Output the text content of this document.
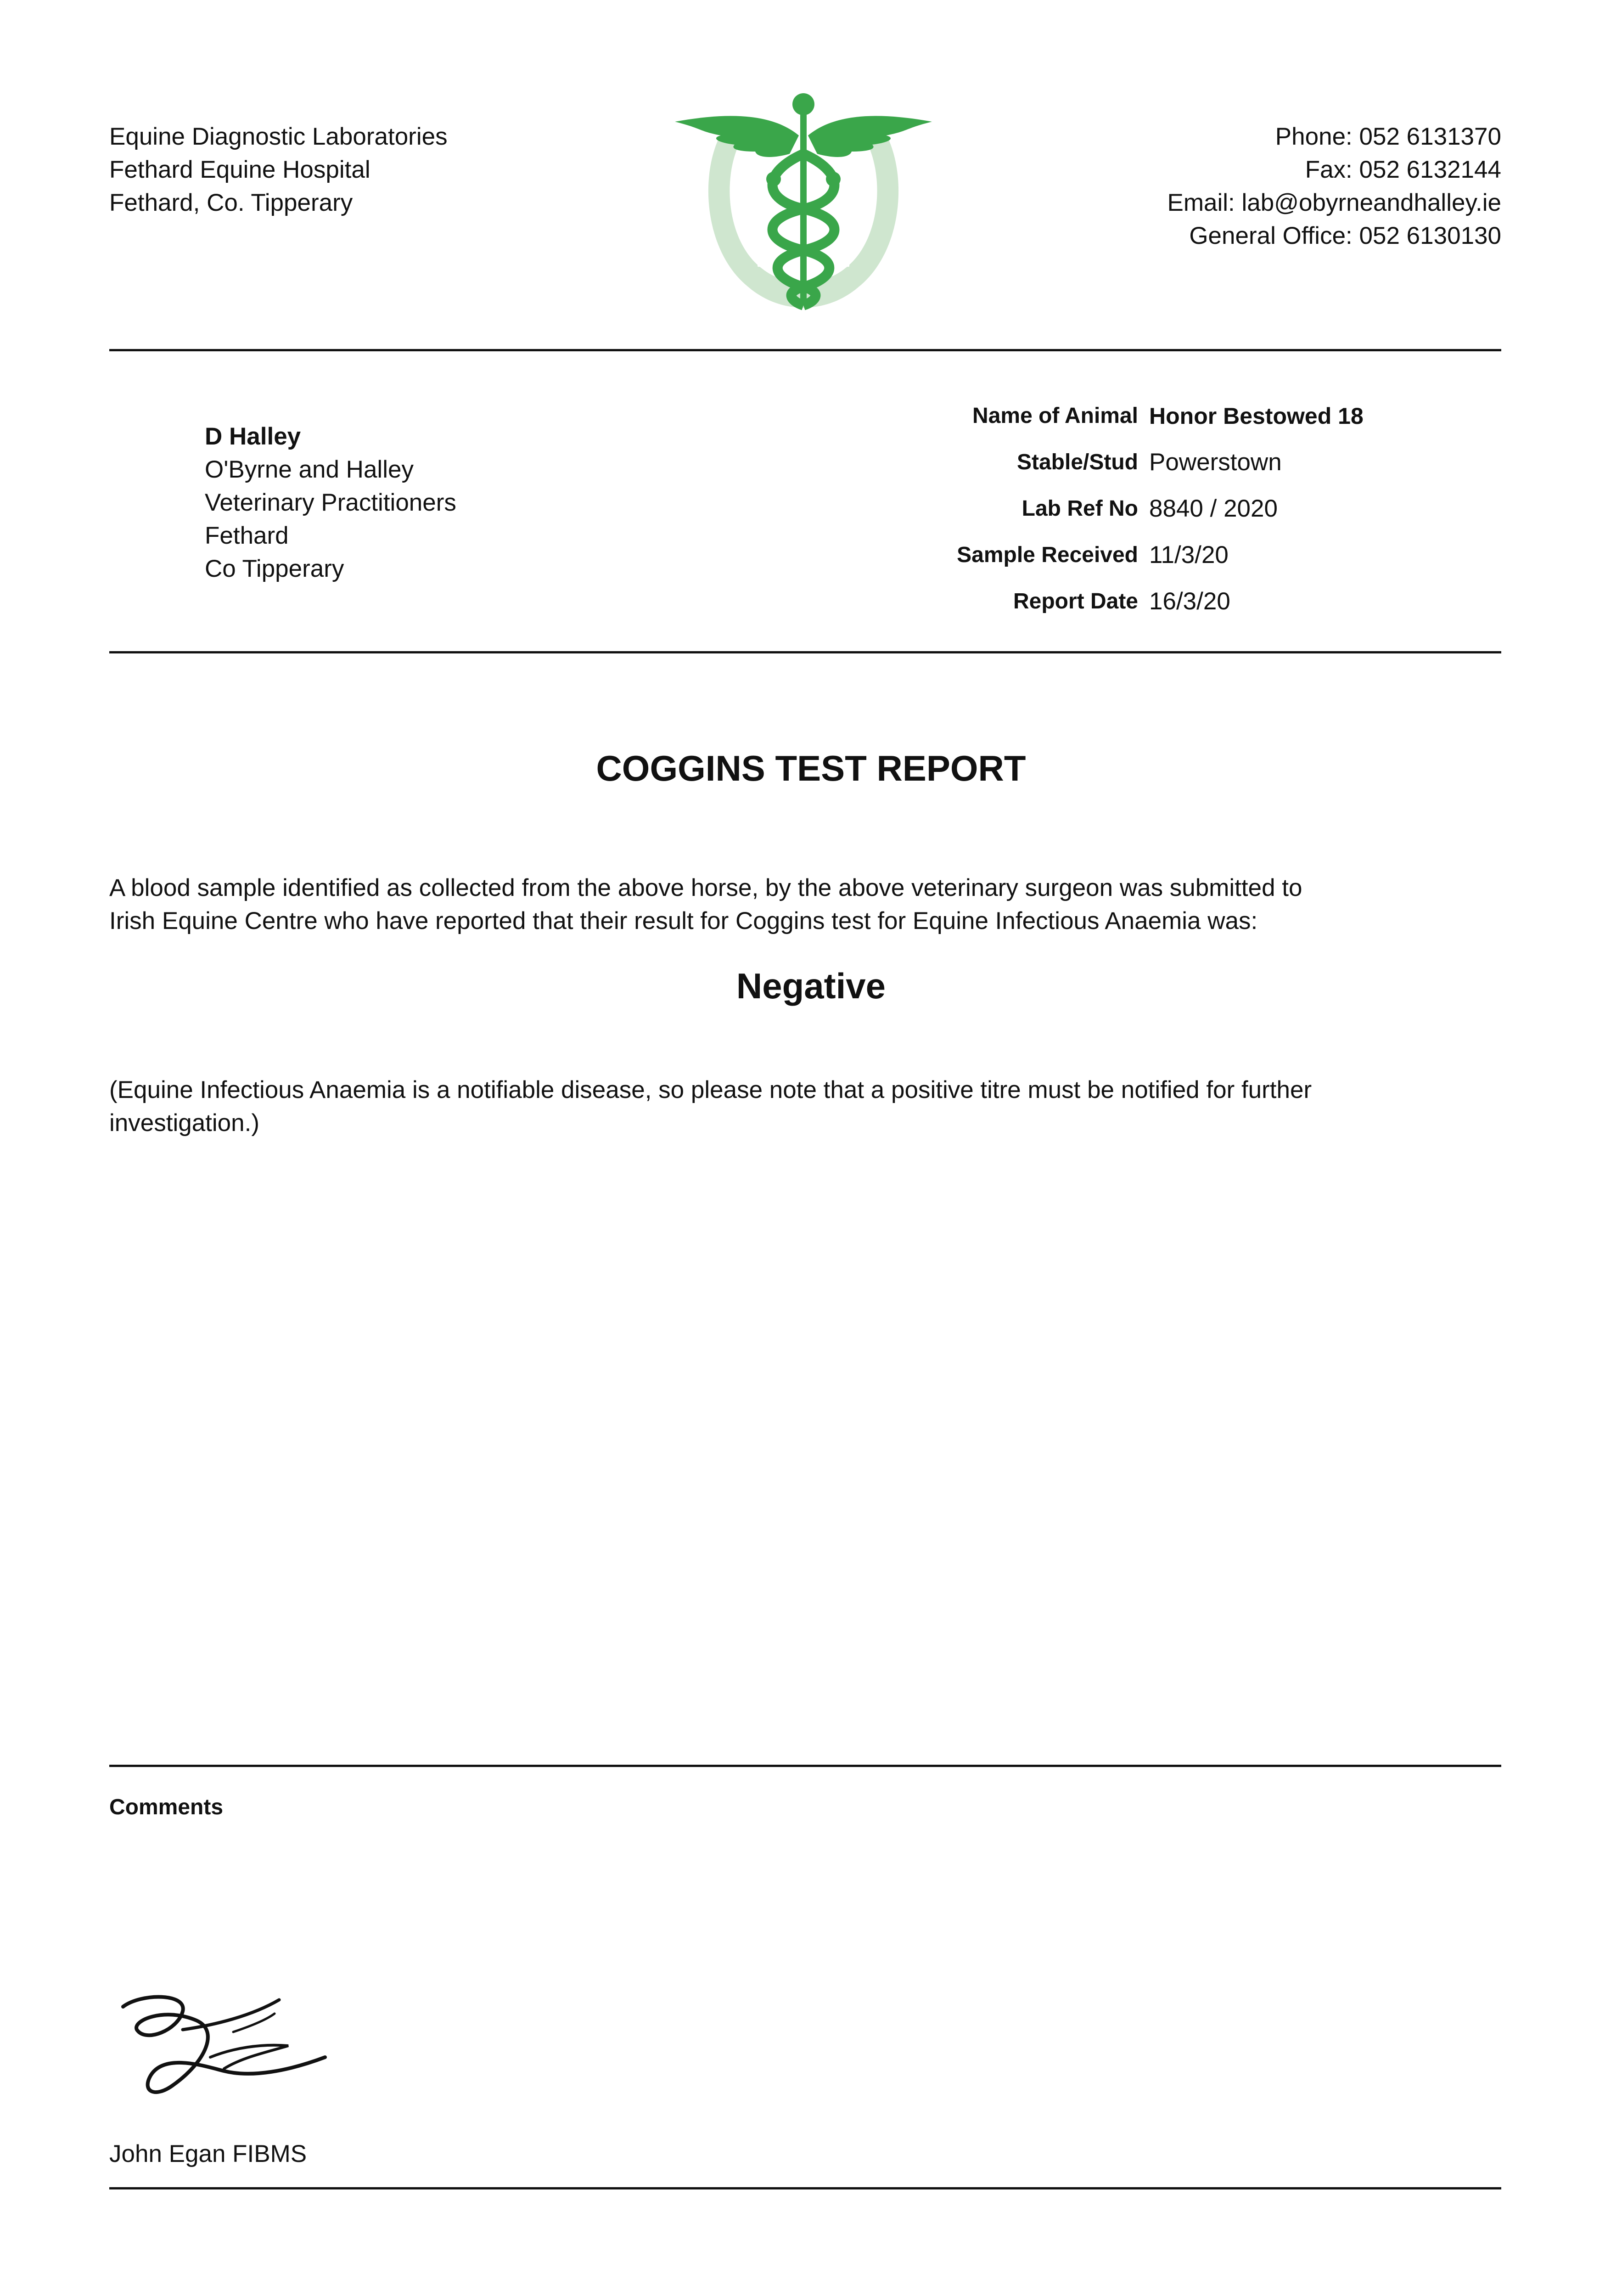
Equine Diagnostic Laboratories
Fethard Equine Hospital
Fethard, Co. Tipperary
Phone: 052 6131370
Fax: 052 6132144
Email: lab@obyrneandhalley.ie
General Office: 052 6130130
D Halley
O'Byrne and Halley
Veterinary Practitioners
Fethard
Co Tipperary
Name of Animal Honor Bestowed 18
Stable/Stud Powerstown
Lab Ref No 8840 / 2020
Sample Received 11/3/20
Report Date 16/3/20
COGGINS TEST REPORT
A blood sample identified as collected from the above horse, by the above veterinary surgeon was submitted to
Irish Equine Centre who have reported that their result for Coggins test for Equine Infectious Anaemia was:
Negative
(Equine Infectious Anaemia is a notifiable disease, so please note that a positive titre must be notified for further
investigation.)
Comments
John Egan FIBMS
